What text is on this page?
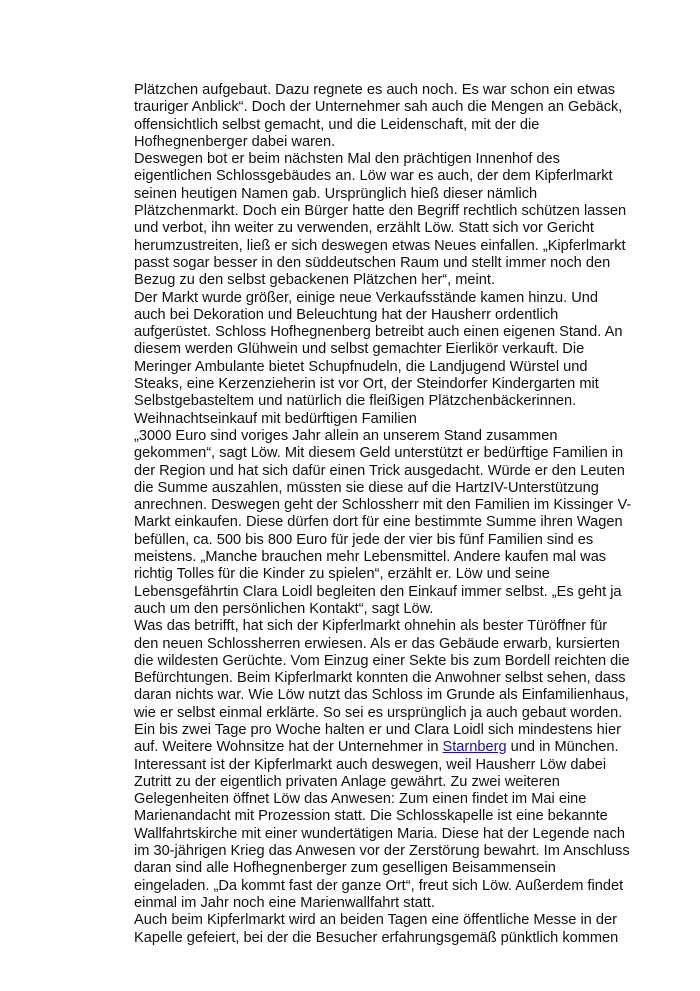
Plätzchen aufgebaut. Dazu regnete es auch noch. Es war schon ein etwas
trauriger Anblick“. Doch der Unternehmer sah auch die Mengen an Gebäck,
offensichtlich selbst gemacht, und die Leidenschaft, mit der die
Hofhegnenberger dabei waren.
Deswegen bot er beim nächsten Mal den prächtigen Innenhof des
eigentlichen Schlossgebäudes an. Löw war es auch, der dem Kipferlmarkt
seinen heutigen Namen gab. Ursprünglich hieß dieser nämlich
Plätzchenmarkt. Doch ein Bürger hatte den Begriff rechtlich schützen lassen
und verbot, ihn weiter zu verwenden, erzählt Löw. Statt sich vor Gericht
herumzustreiten, ließ er sich deswegen etwas Neues einfallen. „Kipferlmarkt
passt sogar besser in den süddeutschen Raum und stellt immer noch den
Bezug zu den selbst gebackenen Plätzchen her“, meint.
Der Markt wurde größer, einige neue Verkaufsstände kamen hinzu. Und
auch bei Dekoration und Beleuchtung hat der Hausherr ordentlich
aufgerüstet. Schloss Hofhegnenberg betreibt auch einen eigenen Stand. An
diesem werden Glühwein und selbst gemachter Eierlikör verkauft. Die
Meringer Ambulante bietet Schupfnudeln, die Landjugend Würstel und
Steaks, eine Kerzenzieherin ist vor Ort, der Steindorfer Kindergarten mit
Selbstgebasteltem und natürlich die fleißigen Plätzchenbäckerinnen.
Weihnachtseinkauf mit bedürftigen Familien
„3000 Euro sind voriges Jahr allein an unserem Stand zusammen
gekommen“, sagt Löw. Mit diesem Geld unterstützt er bedürftige Familien in
der Region und hat sich dafür einen Trick ausgedacht. Würde er den Leuten
die Summe auszahlen, müssten sie diese auf die HartzIV-Unterstützung
anrechnen. Deswegen geht der Schlossherr mit den Familien im Kissinger V-
Markt einkaufen. Diese dürfen dort für eine bestimmte Summe ihren Wagen
befüllen, ca. 500 bis 800 Euro für jede der vier bis fünf Familien sind es
meistens. „Manche brauchen mehr Lebensmittel. Andere kaufen mal was
richtig Tolles für die Kinder zu spielen“, erzählt er. Löw und seine
Lebensgefährtin Clara Loidl begleiten den Einkauf immer selbst. „Es geht ja
auch um den persönlichen Kontakt“, sagt Löw.
Was das betrifft, hat sich der Kipferlmarkt ohnehin als bester Türöffner für
den neuen Schlossherren erwiesen. Als er das Gebäude erwarb, kursierten
die wildesten Gerüchte. Vom Einzug einer Sekte bis zum Bordell reichten die
Befürchtungen. Beim Kipferlmarkt konnten die Anwohner selbst sehen, dass
daran nichts war. Wie Löw nutzt das Schloss im Grunde als Einfamilienhaus,
wie er selbst einmal erklärte. So sei es ursprünglich ja auch gebaut worden.
Ein bis zwei Tage pro Woche halten er und Clara Loidl sich mindestens hier
auf. Weitere Wohnsitze hat der Unternehmer in Starnberg und in München.
Interessant ist der Kipferlmarkt auch deswegen, weil Hausherr Löw dabei
Zutritt zu der eigentlich privaten Anlage gewährt. Zu zwei weiteren
Gelegenheiten öffnet Löw das Anwesen: Zum einen findet im Mai eine
Marienandacht mit Prozession statt. Die Schlosskapelle ist eine bekannte
Wallfahrtskirche mit einer wundertätigen Maria. Diese hat der Legende nach
im 30-jährigen Krieg das Anwesen vor der Zerstörung bewahrt. Im Anschluss
daran sind alle Hofhegnenberger zum geselligen Beisammensein
eingeladen. „Da kommt fast der ganze Ort“, freut sich Löw. Außerdem findet
einmal im Jahr noch eine Marienwallfahrt statt.
Auch beim Kipferlmarkt wird an beiden Tagen eine öffentliche Messe in der
Kapelle gefeiert, bei der die Besucher erfahrungsgemäß pünktlich kommen
